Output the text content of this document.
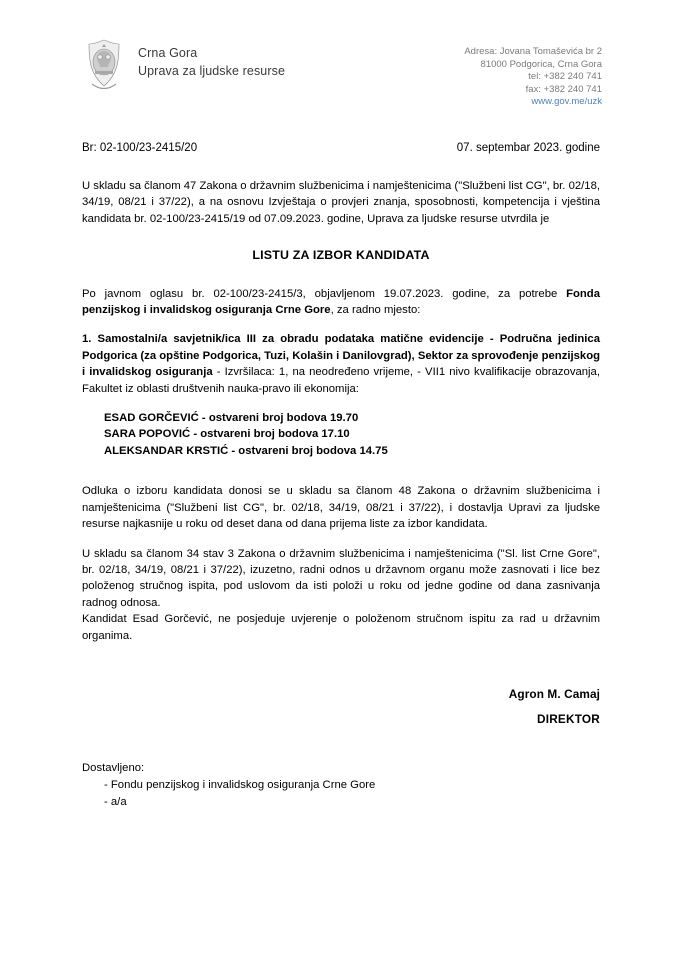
Crna Gora
Uprava za ljudske resurse
Adresa: Jovana Tomaševića br 2
81000 Podgorica, Crna Gora
tel: +382 240 741
fax: +382 240 741
www.gov.me/uzk
Br: 02-100/23-2415/20	07. septembar 2023. godine

U skladu sa članom 47 Zakona o državnim službenicima i namještenicima ("Službeni list CG", br. 02/18, 34/19, 08/21 i 37/22), a na osnovu Izvještaja o provjeri znanja, sposobnosti, kompetencija i vještina kandidata br. 02-100/23-2415/19 od 07.09.2023. godine, Uprava za ljudske resurse utvrdila je

LISTU ZA IZBOR KANDIDATA

Po javnom oglasu br. 02-100/23-2415/3, objavljenom 19.07.2023. godine, za potrebe Fonda penzijskog i invalidskog osiguranja Crne Gore, za radno mjesto:

1. Samostalni/a savjetnik/ica III za obradu podataka matične evidencije - Područna jedinica Podgorica (za opštine Podgorica, Tuzi, Kolašin i Danilovgrad), Sektor za sprovođenje penzijskog i invalidskog osiguranja - Izvršilaca: 1, na neodređeno vrijeme, - VII1 nivo kvalifikacije obrazovanja, Fakultet iz oblasti društvenih nauka-pravo ili ekonomija:

ESAD GORČEVIĆ - ostvareni broj bodova 19.70
SARA POPOVIĆ - ostvareni broj bodova 17.10
ALEKSANDAR KRSTIĆ - ostvareni broj bodova 14.75

Odluka o izboru kandidata donosi se u skladu sa članom 48 Zakona o državnim službenicima i namještenicima ("Službeni list CG", br. 02/18, 34/19, 08/21 i 37/22), i dostavlja Upravi za ljudske resurse najkasnije u roku od deset dana od dana prijema liste za izbor kandidata.

U skladu sa članom 34 stav 3 Zakona o državnim službenicima i namještenicima ("Sl. list Crne Gore", br. 02/18, 34/19, 08/21 i 37/22), izuzetno, radni odnos u državnom organu može zasnovati i lice bez položenog stručnog ispita, pod uslovom da isti položi u roku od jedne godine od dana zasnivanja radnog odnosa.

Kandidat Esad Gorčević, ne posjeduje uvjerenje o položenom stručnom ispitu za rad u državnim organima.

Agron M. Camaj
DIREKTOR
Dostavljeno:
- Fondu penzijskog i invalidskog osiguranja Crne Gore
- a/a
